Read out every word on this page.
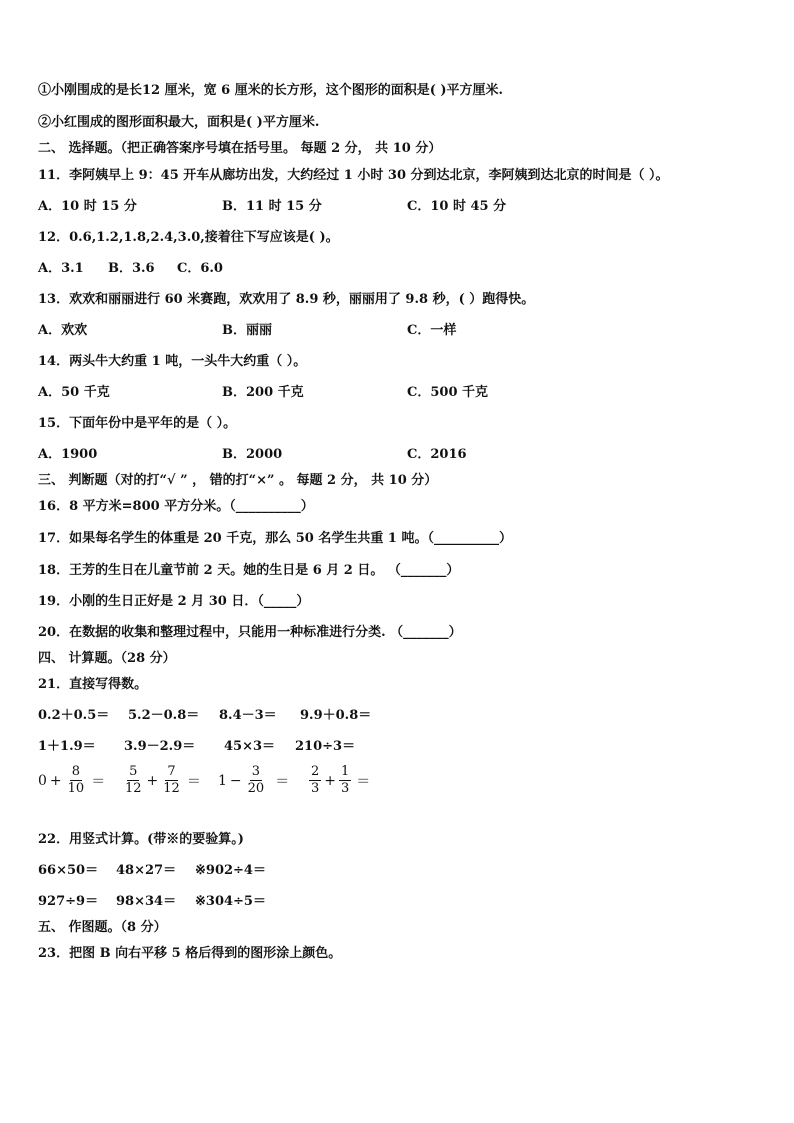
①小刚围成的是长12 厘米，宽 6 厘米的长方形，这个图形的面积是( )平方厘米.
②小红围成的图形面积最大，面积是( )平方厘米.
二、 选择题。（把正确答案序号填在括号里。 每题 2 分， 共 10 分）
11．李阿姨早上 9：45 开车从廊坊出发，大约经过 1 小时 30 分到达北京，李阿姨到达北京的时间是（ ）。
A．10 时 15 分	B．11 时 15 分	C．10 时 45 分
12．0.6,1.2,1.8,2.4,3.0,接着往下写应该是( )。
A．3.1 B．3.6 C．6.0
13．欢欢和丽丽进行 60 米赛跑，欢欢用了 8.9 秒，丽丽用了 9.8 秒，( ）跑得快。
A．欢欢	B．丽丽	C．一样
14．两头牛大约重 1 吨，一头牛大约重（ ）。
A．50 千克	B．200 千克	C．500 千克
15．下面年份中是平年的是（ ）。
A．1900	B．2000	C．2016
三、 判断题（对的打“√ ” ， 错的打“×” 。 每题 2 分， 共 10 分）
16．8 平方米=800 平方分米。（__________）
17．如果每名学生的体重是 20 千克，那么 50 名学生共重 1 吨。（__________）
18．王芳的生日在儿童节前 2 天。她的生日是 6 月 2 日。 （_______）
19．小刚的生日正好是 2 月 30 日．（_____）
20．在数据的收集和整理过程中，只能用一种标准进行分类. （_______）
四、 计算题。（28 分）
21．直接写得数。
0.2＋0.5＝ 5.2－0.8＝ 8.4－3＝ 9.9＋0.8＝
1＋1.9＝ 3.9－2.9＝ 45×3＝ 210÷3＝
$0 + \frac{8}{10} = \frac{5}{12} + \frac{7}{12} = 1 - \frac{3}{20} = \frac{2}{3} + \frac{1}{3}$ ＝
22．用竖式计算。(带※的要验算。)
66×50＝ 48×27＝ ※902÷4＝
927÷9＝ 98×34＝ ※304÷5＝
五、 作图题。（8 分）
23．把图 B 向右平移 5 格后得到的图形涂上颜色。
